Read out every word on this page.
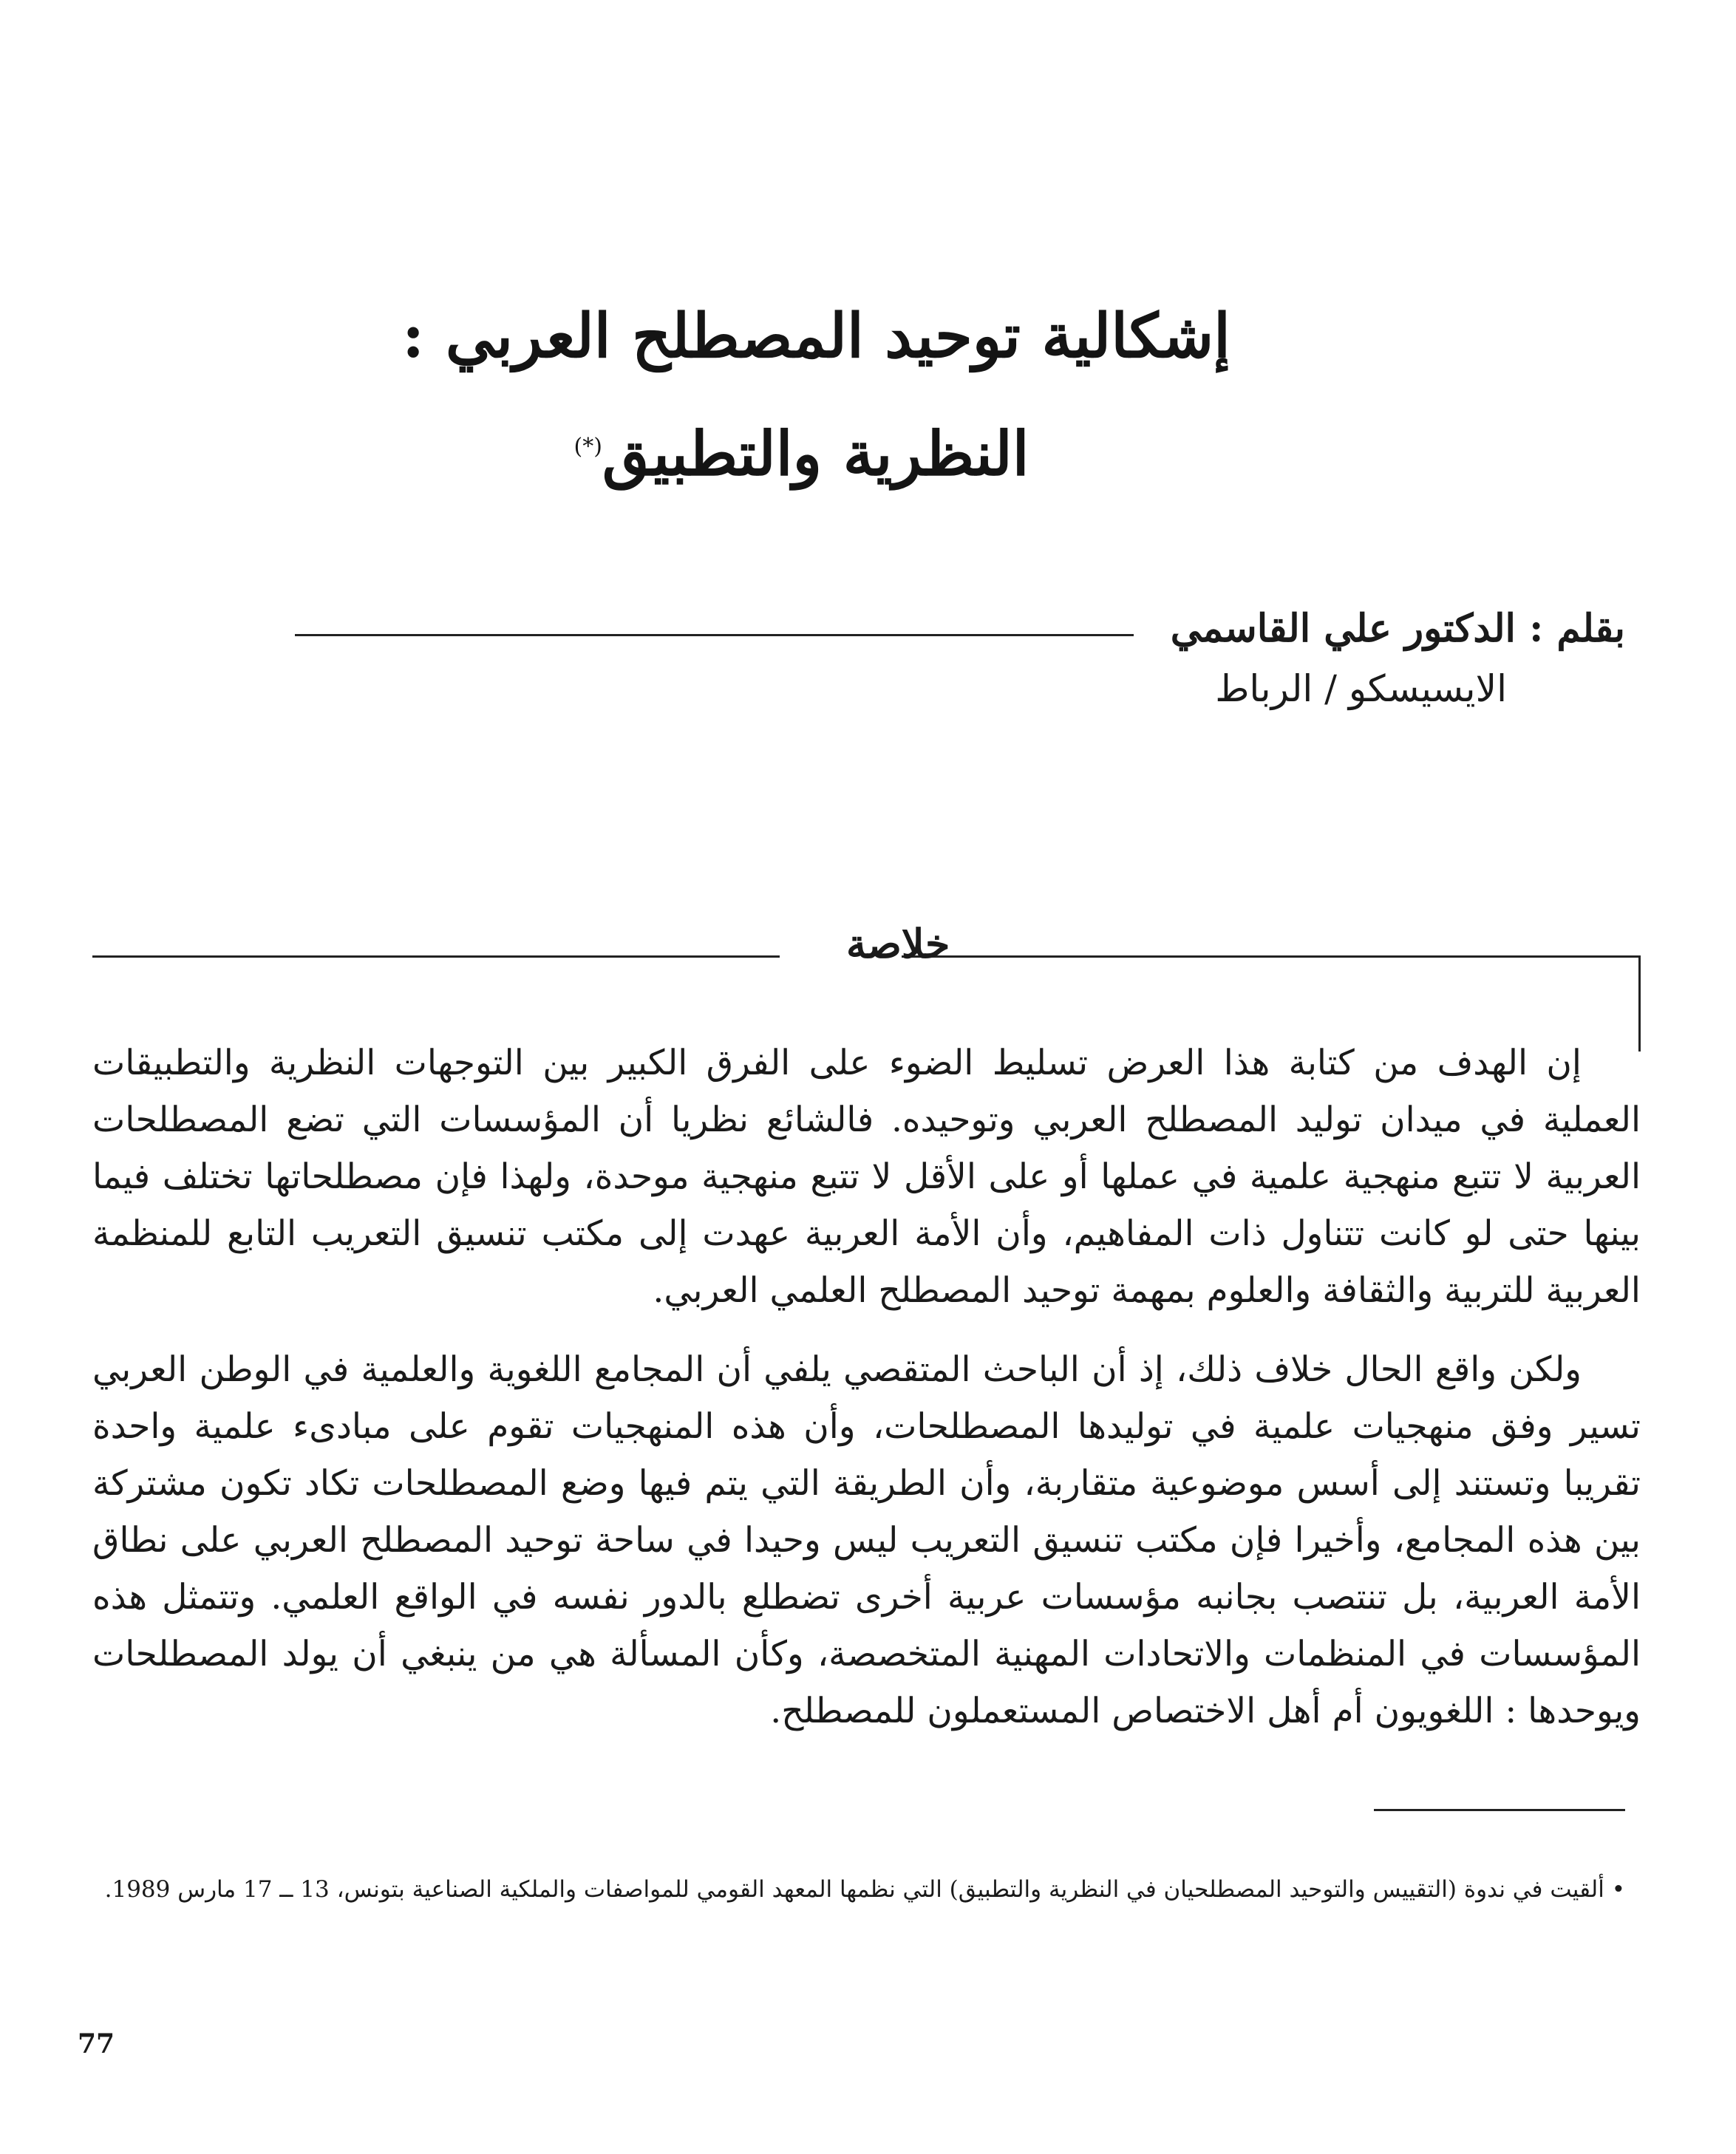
إشكالية توحيد المصطلح العربي :
النظرية والتطبيق(*)
بقلم : الدكتور علي القاسمي
الايسيسكو / الرباط
خلاصة

إن الهدف من كتابة هذا العرض تسليط الضوء على الفرق الكبير بين التوجهات النظرية والتطبيقات العملية في ميدان توليد المصطلح العربي وتوحيده. فالشائع نظريا أن المؤسسات التي تضع المصطلحات العربية لا تتبع منهجية علمية في عملها أو على الأقل لا تتبع منهجية موحدة، ولهذا فإن مصطلحاتها تختلف فيما بينها حتى لو كانت تتناول ذات المفاهيم، وأن الأمة العربية عهدت إلى مكتب تنسيق التعريب التابع للمنظمة العربية للتربية والثقافة والعلوم بمهمة توحيد المصطلح العلمي العربي.

ولكن واقع الحال خلاف ذلك، إذ أن الباحث المتقصي يلفي أن المجامع اللغوية والعلمية في الوطن العربي تسير وفق منهجيات علمية في توليدها المصطلحات، وأن هذه المنهجيات تقوم على مبادىء علمية واحدة تقريبا وتستند إلى أسس موضوعية متقاربة، وأن الطريقة التي يتم فيها وضع المصطلحات تكاد تكون مشتركة بين هذه المجامع، وأخيرا فإن مكتب تنسيق التعريب ليس وحيدا في ساحة توحيد المصطلح العربي على نطاق الأمة العربية، بل تنتصب بجانبه مؤسسات عربية أخرى تضطلع بالدور نفسه في الواقع العلمي. وتتمثل هذه المؤسسات في المنظمات والاتحادات المهنية المتخصصة، وكأن المسألة هي من ينبغي أن يولد المصطلحات ويوحدها : اللغويون أم أهل الاختصاص المستعملون للمصطلح.

• ألقيت في ندوة (التقييس والتوحيد المصطلحيان في النظرية والتطبيق) التي نظمها المعهد القومي للمواصفات والملكية الصناعية بتونس، 13 ــ 17 مارس 1989.
77
